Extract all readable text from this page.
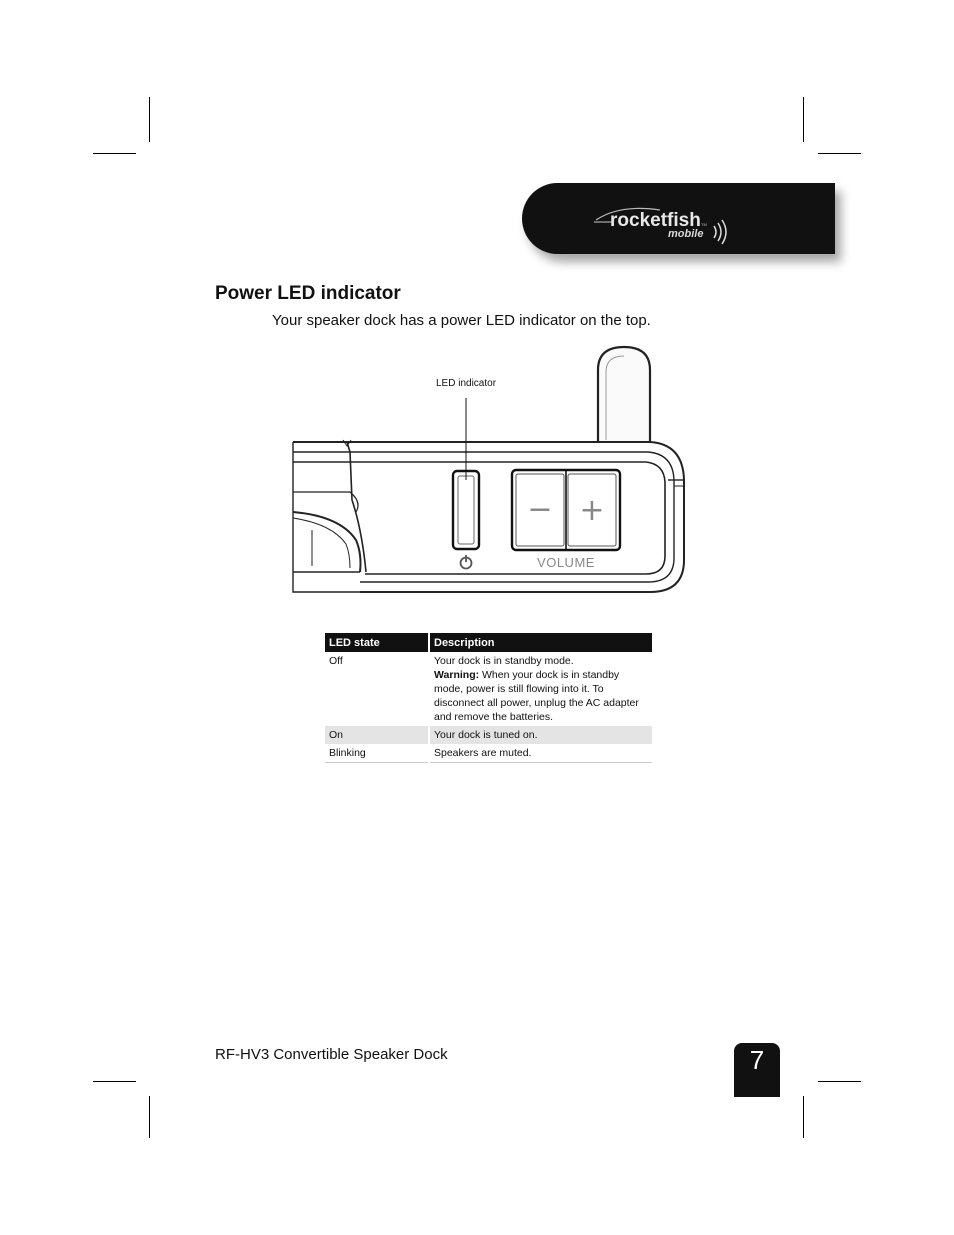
rocketfish
mobile
TM
Power LED indicator

Your speaker dock has a power LED indicator on the top.

LED indicator
− +
VOLUME
LED state	Description
Off	Your dock is in standby mode.
Warning: When your dock is in standby mode, power is still flowing into it. To disconnect all power, unplug the AC adapter and remove the batteries.
On	Your dock is tuned on.
Blinking	Speakers are muted.
RF-HV3 Convertible Speaker Dock	7
